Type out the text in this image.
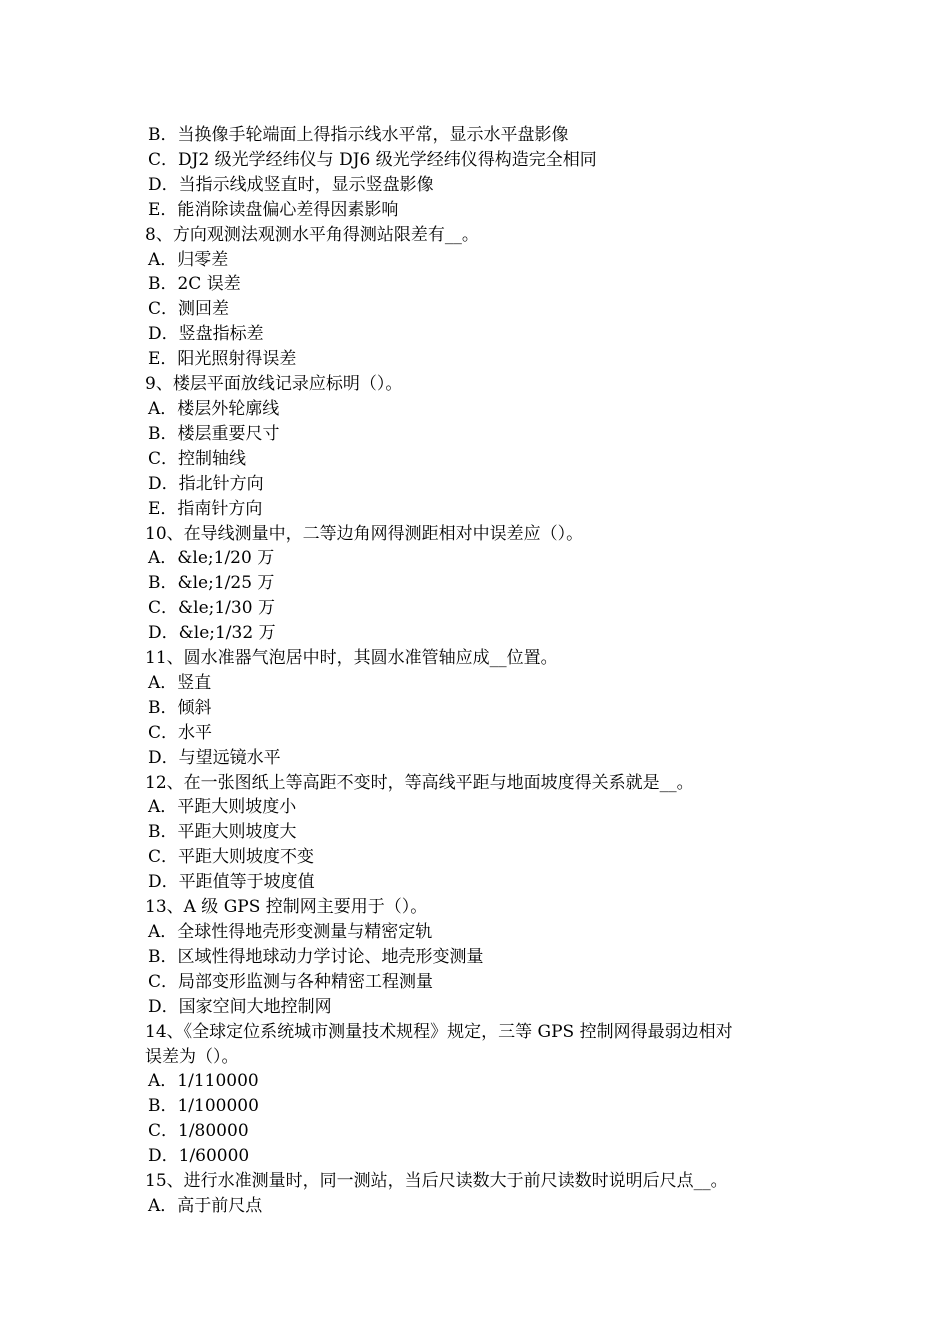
B．当换像手轮端面上得指示线水平常，显示水平盘影像
C．DJ2 级光学经纬仪与 DJ6 级光学经纬仪得构造完全相同
D．当指示线成竖直时，显示竖盘影像
E．能消除读盘偏心差得因素影响
8、方向观测法观测水平角得测站限差有__。
A．归零差
B．2C 误差
C．测回差
D．竖盘指标差
E．阳光照射得误差
9、楼层平面放线记录应标明（）。
A．楼层外轮廓线
B．楼层重要尺寸
C．控制轴线
D．指北针方向
E．指南针方向
10、在导线测量中，二等边角网得测距相对中误差应（）。
A．&le;1/20 万
B．&le;1/25 万
C．&le;1/30 万
D．&le;1/32 万
11、圆水准器气泡居中时，其圆水准管轴应成__位置。
A．竖直
B．倾斜
C．水平
D．与望远镜水平
12、在一张图纸上等高距不变时，等高线平距与地面坡度得关系就是__。
A．平距大则坡度小
B．平距大则坡度大
C．平距大则坡度不变
D．平距值等于坡度值
13、A 级 GPS 控制网主要用于（）。
A．全球性得地壳形变测量与精密定轨
B．区域性得地球动力学讨论、地壳形变测量
C．局部变形监测与各种精密工程测量
D．国家空间大地控制网
14、《全球定位系统城市测量技术规程》规定，三等 GPS 控制网得最弱边相对
误差为（）。
A．1/110000
B．1/100000
C．1/80000
D．1/60000
15、进行水准测量时，同一测站，当后尺读数大于前尺读数时说明后尺点__。
A．高于前尺点
